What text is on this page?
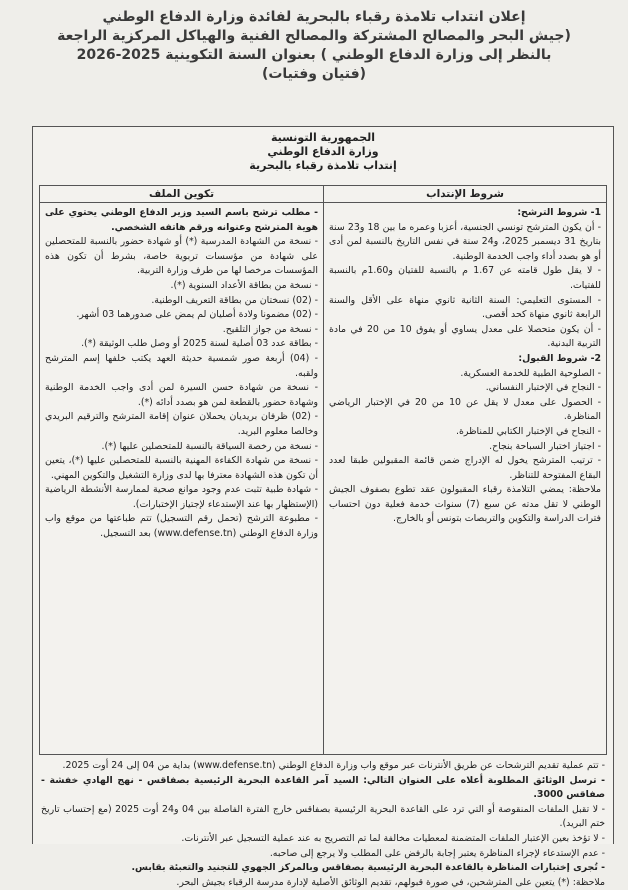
إعلان انتداب تلامذة رقباء بالبحرية لفائدة وزارة الدفاع الوطني
(جيش البحر والمصالح المشتركة والمصالح الفنية والهياكل المركزية الراجعة
بالنظر إلى وزارة الدفاع الوطني ) بعنوان السنة التكوينية 2025-2026
(فتيان وفتيات)
الجمهورية التونسية
وزارة الدفاع الوطني
إنتداب تلامذة رقباء بالبحرية
شروط الإنتداب

1- شروط الترشح:

- أن يكون المترشح تونسي الجنسية، أعزبا وعمره ما بين 18 و23 سنة بتاريخ 31 ديسمبر 2025، و24 سنة في نفس التاريخ بالنسبة لمن أدى أو هو بصدد أداء واجب الخدمة الوطنية.

- لا يقل طول قامته عن 1.67 م بالنسبة للفتيان و1.60م بالنسبة للفتيات.

- المستوى التعليمي: السنة الثانية ثانوي منهاة على الأقل والسنة الرابعة ثانوي منهاة كحد أقصى.

- أن يكون متحصلا على معدل يساوي أو يفوق 10 من 20 في مادة التربية البدنية.

2- شروط القبول:

- الصلوحية الطبية للخدمة العسكرية.

- النجاح في الإختبار النفساني.

- الحصول على معدل لا يقل عن 10 من 20 في الإختبار الرياضي المناظرة.

- النجاح في الإختبار الكتابي للمناظرة.

- اجتياز اختبار السباحة بنجاح.

- ترتيب المترشح يخول له الإدراج ضمن قائمة المقبولين طبقا لعدد البقاع المفتوحة للتناظر.

ملاحظة: يمضي التلامذة رقباء المقبولون عقد تطوع بصفوف الجيش الوطني لا تقل مدته عن سبع (7) سنوات خدمة فعلية دون احتساب فترات الدراسة والتكوين والتربصات بتونس أو بالخارج.

تكوين الملف

- مطلب ترشح باسم السيد وزير الدفاع الوطني يحتوي على هوية المترشح وعنوانه ورقم هاتفه الشخصي.

- نسخة من الشهادة المدرسية (*) أو شهادة حضور بالنسبة للمتحصلين على شهادة من مؤسسات تربوية خاصة، بشرط أن تكون هذه المؤسسات مرخصا لها من طرف وزارة التربية.

- نسخة من بطاقة الأعداد السنوية (*).

- (02) نسختان من بطاقة التعريف الوطنية.

- (02) مضمونا ولادة أصليان لم يمض على صدورهما 03 أشهر.

- نسخة من جواز التلقيح.

- بطاقة عدد 03 أصلية لسنة 2025 أو وصل طلب الوثيقة (*).

- (04) أربعة صور شمسية حديثة العهد يكتب خلفها إسم المترشح ولقبه.

- نسخة من شهادة حسن السيرة لمن أدى واجب الخدمة الوطنية وشهادة حضور بالقطعة لمن هو بصدد أدائه (*).

- (02) ظرفان بريديان يحملان عنوان إقامة المترشح والترقيم البريدي وخالصا معلوم البريد.

- نسخة من رخصة السياقة بالنسبة للمتحصلين عليها (*).

- نسخة من شهادة الكفاءة المهنية بالنسبة للمتحصلين عليها (*)، يتعين أن تكون هذه الشهادة معترفا بها لدى وزارة التشغيل والتكوين المهني.

- شهادة طبية تثبت عدم وجود موانع صحية لممارسة الأنشطة الرياضية (الإستظهار بها عند الإستدعاء لإجتياز الإختبارات).

- مطبوعة الترشح (تحمل رقم التسجيل) تتم طباعتها من موقع واب وزارة الدفاع الوطني (www.defense.tn) بعد التسجيل.

- تتم عملية تقديم الترشحات عن طريق الأنترنات عبر موقع واب وزارة الدفاع الوطني (www.defense.tn) بداية من 04 إلى 24 أوت 2025.

- ترسل الوثائق المطلوبة أعلاه على العنوان التالي: السيد آمر القاعدة البحرية الرئيسية بصفاقس - نهج الهادي خفشة - صفاقس 3000.

- لا تقبل الملفات المنقوصة أو التي ترد على القاعدة البحرية الرئيسية بصفاقس خارج الفترة الفاصلة بين 04 و24 أوت 2025 (مع إحتساب تاريخ ختم البريد).

- لا تؤخذ بعين الإعتبار الملفات المتضمنة لمعطيات مخالفة لما تم التصريح به عند عملية التسجيل عبر الأنترنات.

- عدم الإستدعاء لإجراء المناظرة يعتبر إجابة بالرفض على المطلب ولا يرجع إلى صاحبه.

- تُجرى إختبارات المناظرة بالقاعدة البحرية الرئيسية بصفاقس وبالمركز الجهوي للتجنيد والتعبئة بقابس.

ملاحظة: (*) يتعين على المترشحين، في صورة قبولهم، تقديم الوثائق الأصلية لإدارة مدرسة الرقباء بجيش البحر.
